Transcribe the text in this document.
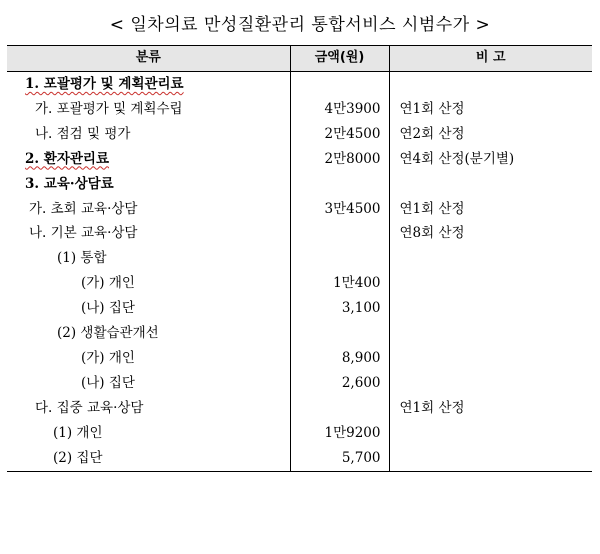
< 일차의료 만성질환관리 통합서비스 시범수가 >
분류	금액(원)	비 고
1. 포괄평가 및 계획관리료		
가. 포괄평가 및 계획수립	4만3900	연1회 산정
나. 점검 및 평가	2만4500	연2회 산정
2. 환자관리료	2만8000	연4회 산정(분기별)
3. 교육·상담료		
가. 초회 교육·상담	3만4500	연1회 산정
나. 기본 교육·상담		연8회 산정
(1) 통합		
(가) 개인	1만400	
(나) 집단	3,100	
(2) 생활습관개선		
(가) 개인	8,900	
(나) 집단	2,600	
다. 집중 교육·상담		연1회 산정
(1) 개인	1만9200	
(2) 집단	5,700	
